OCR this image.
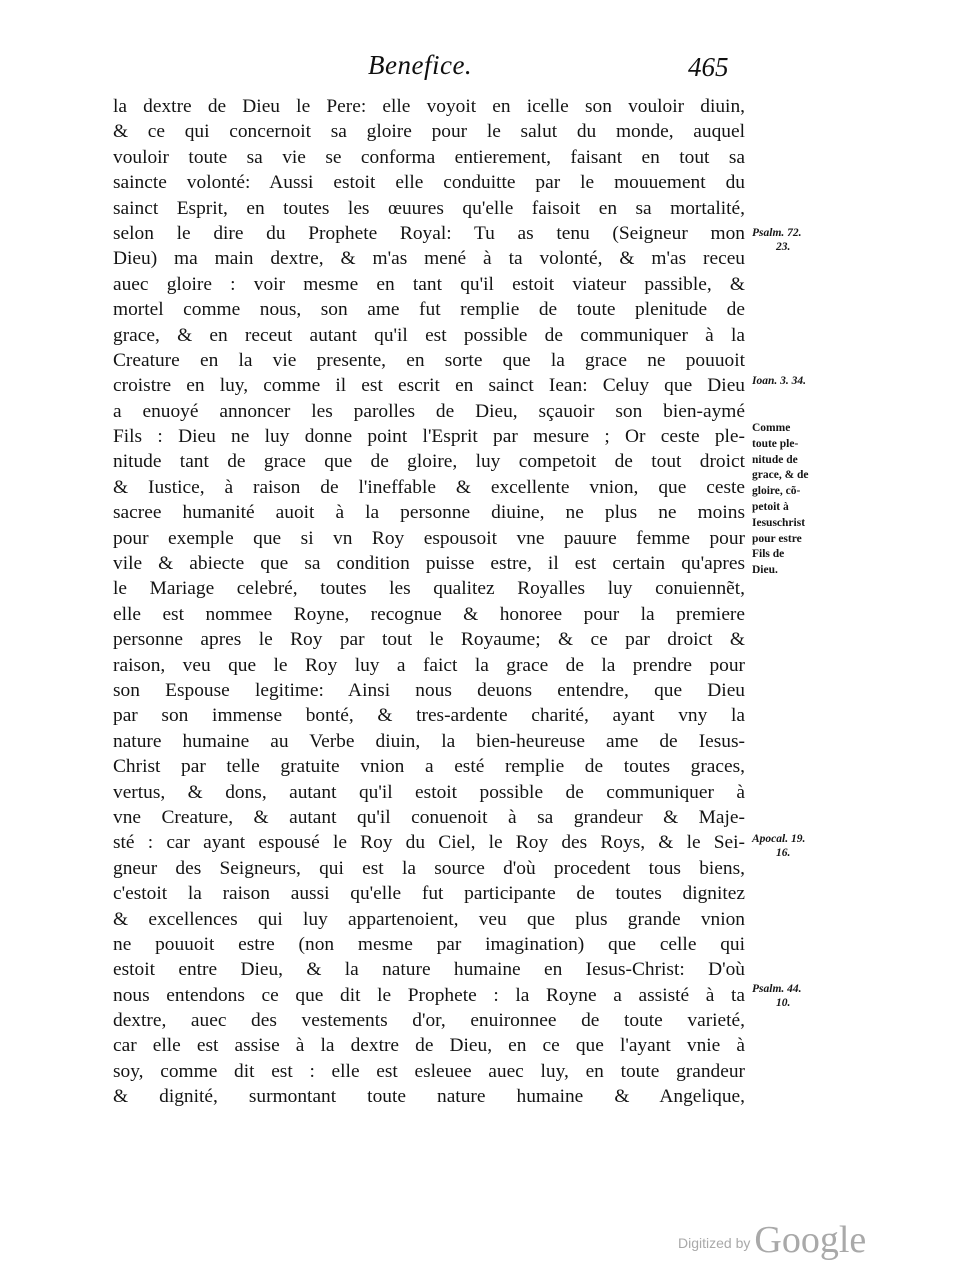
Benefice.	465
la dextre de Dieu le Pere: elle voyoit en icelle son vouloir diuin,
& ce qui concernoit sa gloire pour le salut du monde, auquel
vouloir toute sa vie se conforma entierement, faisant en tout sa
saincte volonté: Aussi estoit elle conduitte par le mouuement du
sainct Esprit, en toutes les œuures qu'elle faisoit en sa mortalité,
selon le dire du Prophete Royal: Tu as tenu (Seigneur mon
Dieu) ma main dextre, & m'as mené à ta volonté, & m'as receu
auec gloire : voir mesme en tant qu'il estoit viateur passible, &
mortel comme nous, son ame fut remplie de toute plenitude de
grace, & en receut autant qu'il est possible de communiquer à la
Creature en la vie presente, en sorte que la grace ne pouuoit
croistre en luy, comme il est escrit en sainct Iean: Celuy que Dieu
a enuoyé annoncer les parolles de Dieu, sçauoir son bien-aymé
Fils : Dieu ne luy donne point l'Esprit par mesure ; Or ceste ple-
nitude tant de grace que de gloire, luy competoit de tout droict
& Iustice, à raison de l'ineffable & excellente vnion, que ceste
sacree humanité auoit à la personne diuine, ne plus ne moins
pour exemple que si vn Roy espousoit vne pauure femme pour
vile & abiecte que sa condition puisse estre, il est certain qu'apres
le Mariage celebré, toutes les qualitez Royalles luy conuiennẽt,
elle est nommee Royne, recognue & honoree pour la premiere
personne apres le Roy par tout le Royaume; & ce par droict &
raison, veu que le Roy luy a faict la grace de la prendre pour
son Espouse legitime: Ainsi nous deuons entendre, que Dieu
par son immense bonté, & tres-ardente charité, ayant vny la
nature humaine au Verbe diuin, la bien-heureuse ame de Iesus-
Christ par telle gratuite vnion a esté remplie de toutes graces,
vertus, & dons, autant qu'il estoit possible de communiquer à
vne Creature, & autant qu'il conuenoit à sa grandeur & Maje-
sté : car ayant espousé le Roy du Ciel, le Roy des Roys, & le Sei-
gneur des Seigneurs, qui est la source d'où procedent tous biens,
c'estoit la raison aussi qu'elle fut participante de toutes dignitez
& excellences qui luy appartenoient, veu que plus grande vnion
ne pouuoit estre (non mesme par imagination) que celle qui
estoit entre Dieu, & la nature humaine en Iesus-Christ: D'où
nous entendons ce que dit le Prophete : la Royne a assisté à ta
dextre, auec des vestements d'or, enuironnee de toute varieté,
car elle est assise à la dextre de Dieu, en ce que l'ayant vnie à
soy, comme dit est : elle est esleuee auec luy, en toute grandeur
& dignité, surmontant toute nature humaine & Angelique,
Psalm. 72.
23.
Ioan. 3. 34.
Comme
toute ple-
nitude de
grace, & de
gloire, cõ-
petoit à
Iesuschrist
pour estre
Fils de
Dieu.
Apocal. 19.
16.
Psalm. 44.
10.
Digitized by Google
